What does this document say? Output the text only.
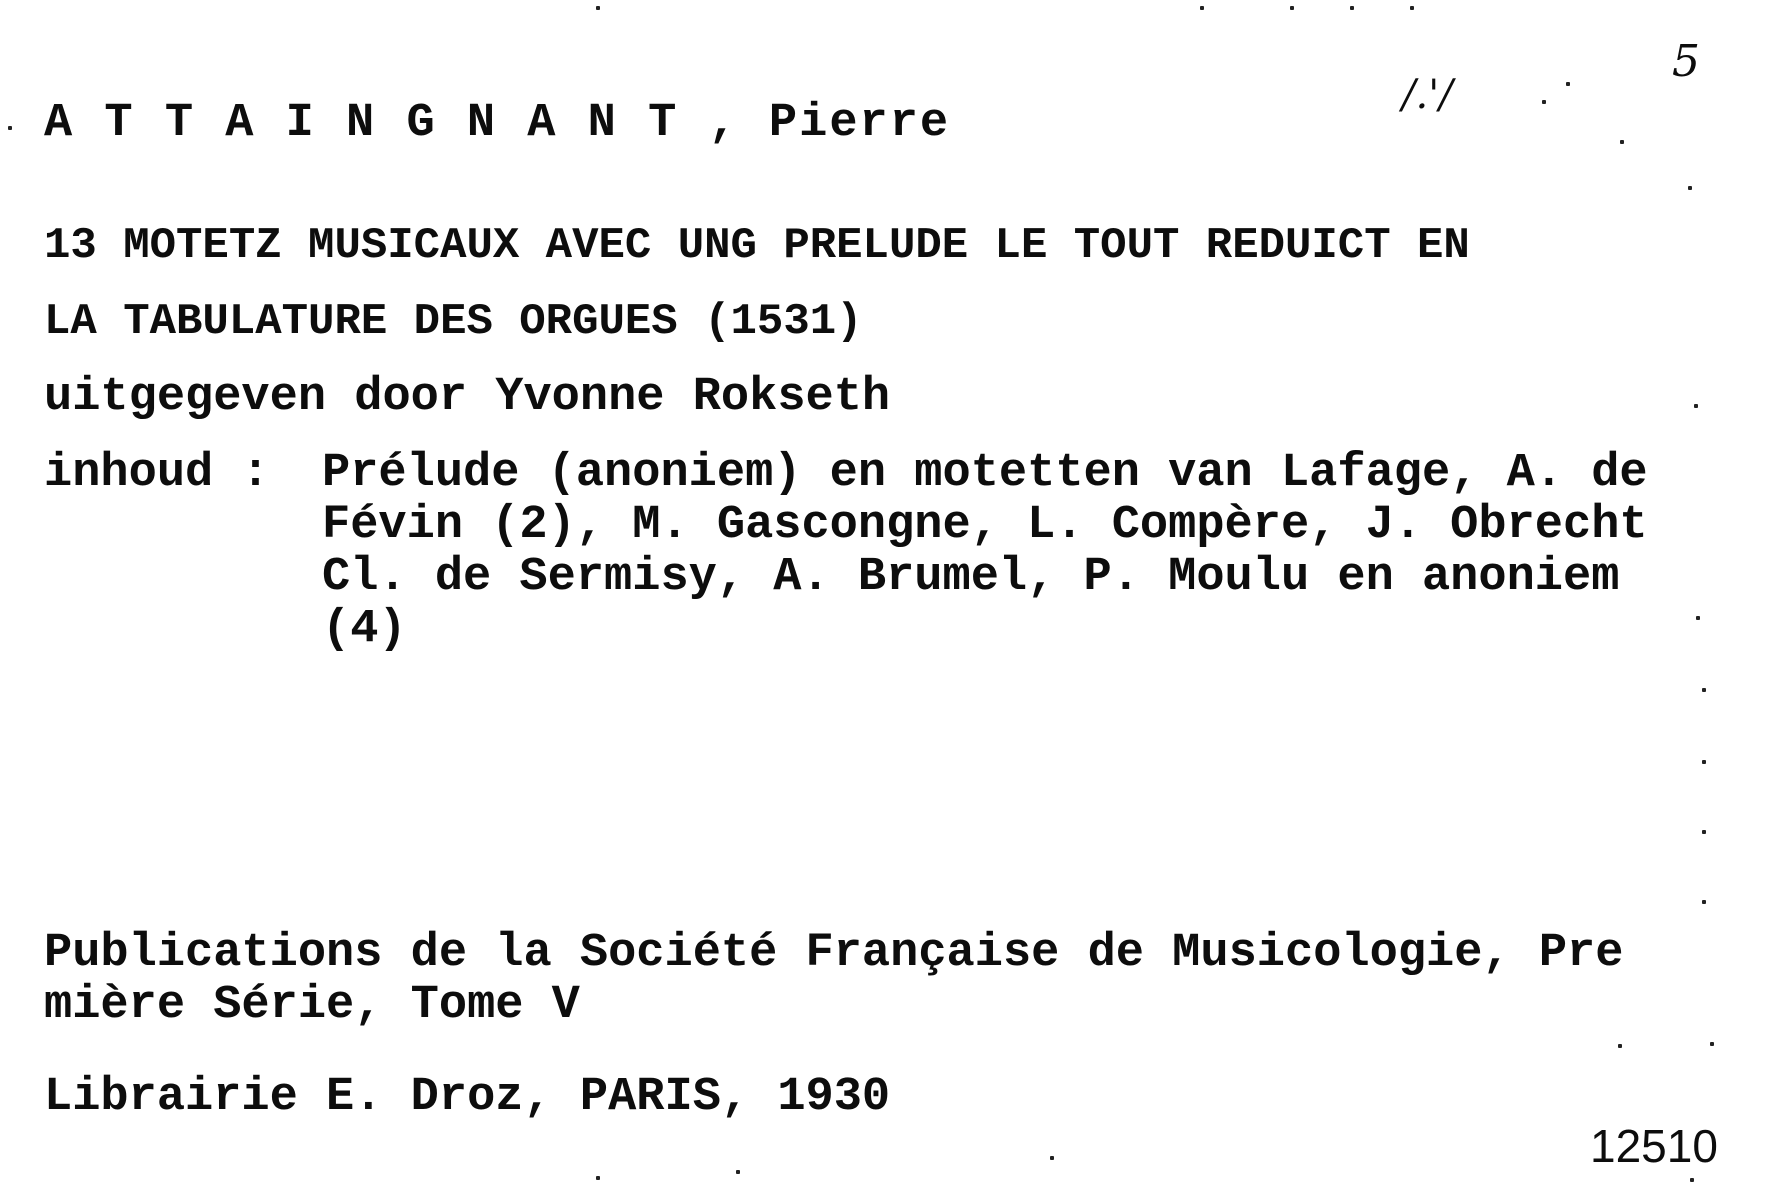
/.'/
5
A T T A I N G N A N T , Pierre
13 MOTETZ MUSICAUX AVEC UNG PRELUDE LE TOUT REDUICT EN
LA TABULATURE DES ORGUES (1531)
uitgegeven door Yvonne Rokseth
inhoud : Prélude (anoniem) en motetten van Lafage, A. de
Févin (2), M. Gascongne, L. Compère, J. Obrecht
Cl. de Sermisy, A. Brumel, P. Moulu en anoniem
(4)
Publications de la Société Française de Musicologie, Pre
mière Série, Tome V
Librairie E. Droz, PARIS, 1930
12510
